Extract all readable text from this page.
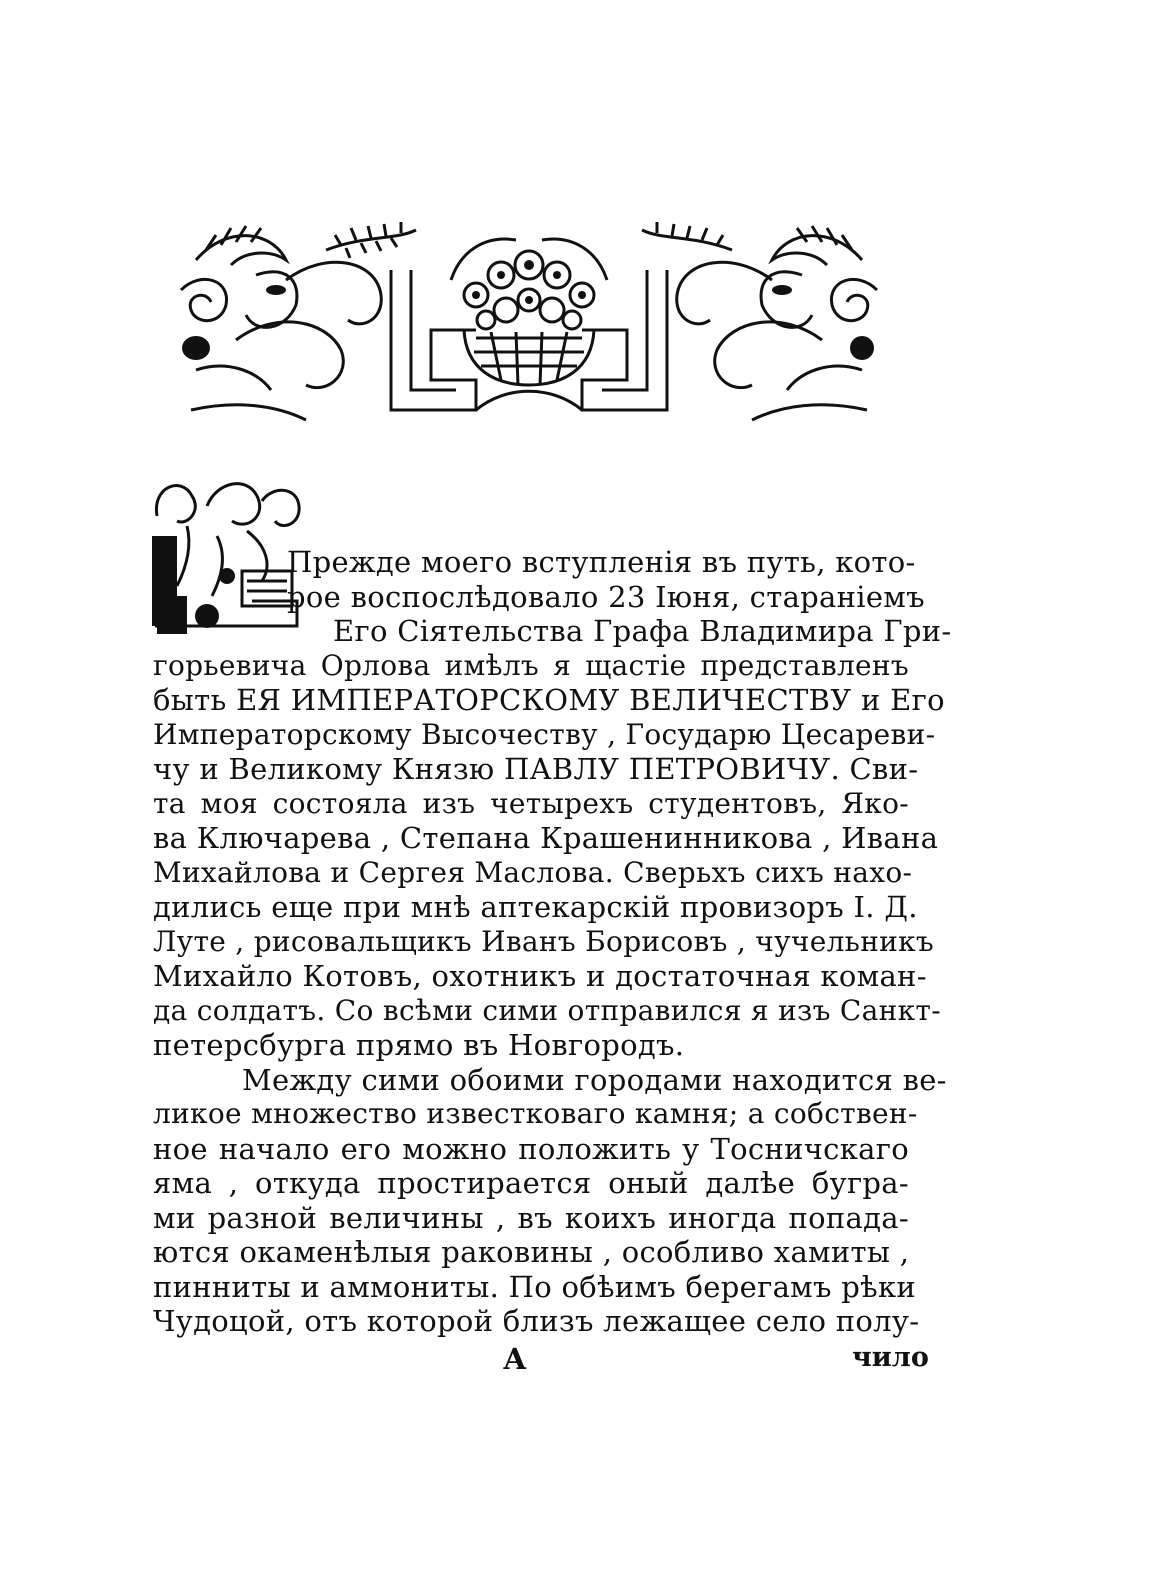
Прежде моего вступленія въ путь, кото-
рое воспослѣдовало 23 Іюня, стараніемъ
Его Сіятельства Графа Владимира Гри-
горьевича Орлова имѣлъ я щастіе представленъ
быть ЕЯ ИМПЕРАТОРСКОМУ ВЕЛИЧЕСТВУ и Его
Императорскому Высочеству , Государю Цесареви-
чу и Великому Князю ПАВЛУ ПЕТРОВИЧУ. Сви-
та моя состояла изъ четырехъ студентовъ, Яко-
ва Ключарева , Степана Крашенинникова , Ивана
Михайлова и Сергея Маслова. Сверьхъ сихъ нахо-
дились еще при мнѣ аптекарскій провизоръ І. Д.
Луте , рисовальщикъ Иванъ Борисовъ , чучельникъ
Михайло Котовъ, охотникъ и достаточная коман-
да солдатъ. Со всѣми сими отправился я изъ Санкт-
петерсбурга прямо въ Новгородъ.
Между сими обоими городами находится ве-
ликое множество известковаго камня; а собствен-
ное начало его можно положить у Тосничскаго
яма , откуда простирается оный далѣе бугра-
ми разной величины , въ коихъ иногда попада-
ются окаменѣлыя раковины , особливо хамиты ,
пинниты и аммониты. По обѣимъ берегамъ рѣки
А	чило
Чудоцой, отъ которой близъ лежащее село полу-
